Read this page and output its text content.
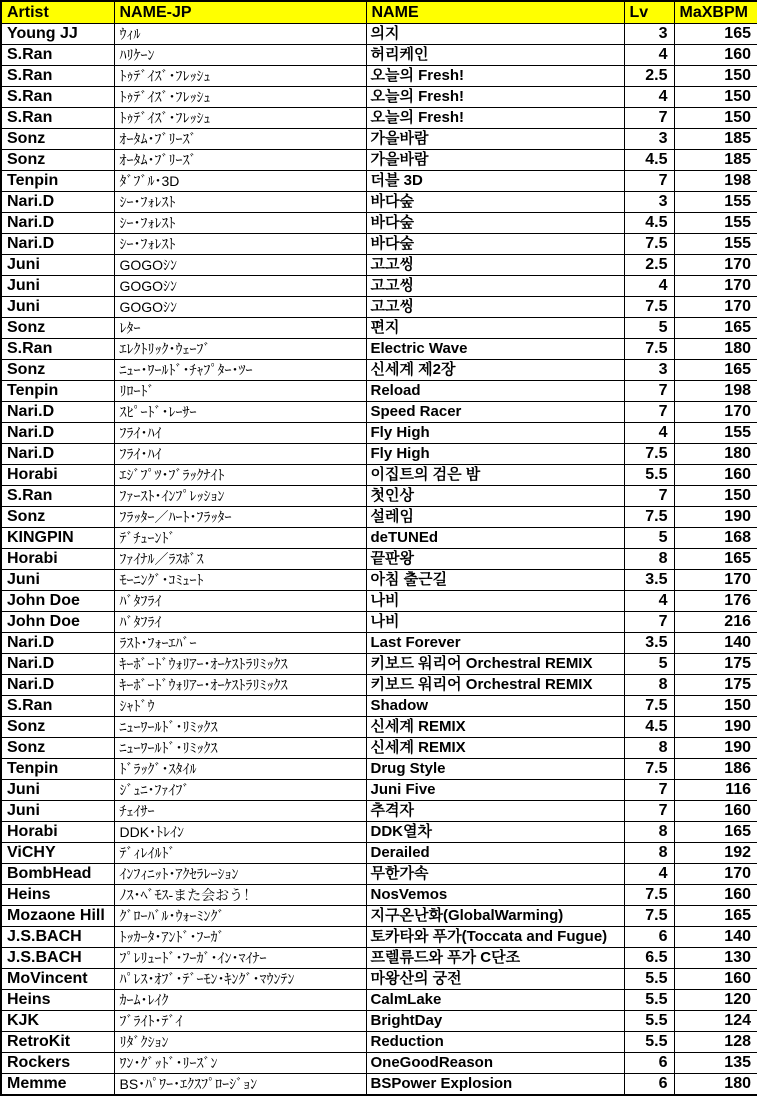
Artist	NAME-JP	NAME	Lv	MaXBPM
Young JJ	ｳｨﾙ	의지	3	165
S.Ran	ﾊﾘｹｰﾝ	허리케인	4	160
S.Ran	ﾄｩﾃﾞｲｽﾞ･ﾌﾚｯｼｭ	오늘의 Fresh!	2.5	150
S.Ran	ﾄｩﾃﾞｲｽﾞ･ﾌﾚｯｼｭ	오늘의 Fresh!	4	150
S.Ran	ﾄｩﾃﾞｲｽﾞ･ﾌﾚｯｼｭ	오늘의 Fresh!	7	150
Sonz	ｵｰﾀﾑ･ﾌﾞﾘｰｽﾞ	가을바람	3	185
Sonz	ｵｰﾀﾑ･ﾌﾞﾘｰｽﾞ	가을바람	4.5	185
Tenpin	ﾀﾞﾌﾞﾙ･3D	더블 3D	7	198
Nari.D	ｼｰ･ﾌｫﾚｽﾄ	바다숲	3	155
Nari.D	ｼｰ･ﾌｫﾚｽﾄ	바다숲	4.5	155
Nari.D	ｼｰ･ﾌｫﾚｽﾄ	바다숲	7.5	155
Juni	GOGOｼﾝ	고고씽	2.5	170
Juni	GOGOｼﾝ	고고씽	4	170
Juni	GOGOｼﾝ	고고씽	7.5	170
Sonz	ﾚﾀｰ	편지	5	165
S.Ran	ｴﾚｸﾄﾘｯｸ･ｳｪｰﾌﾞ	Electric Wave	7.5	180
Sonz	ﾆｭｰ･ﾜｰﾙﾄﾞ･ﾁｬﾌﾟﾀｰ･ﾂｰ	신세계 제2장	3	165
Tenpin	ﾘﾛｰﾄﾞ	Reload	7	198
Nari.D	ｽﾋﾟｰﾄﾞ･ﾚｰｻｰ	Speed Racer	7	170
Nari.D	ﾌﾗｲ･ﾊｲ	Fly High	4	155
Nari.D	ﾌﾗｲ･ﾊｲ	Fly High	7.5	180
Horabi	ｴｼﾞﾌﾟﾂ･ﾌﾞﾗｯｸﾅｲﾄ	이집트의 검은 밤	5.5	160
S.Ran	ﾌｧｰｽﾄ･ｲﾝﾌﾟﾚｯｼｮﾝ	첫인상	7	150
Sonz	ﾌﾗｯﾀｰ／ﾊｰﾄ･ﾌﾗｯﾀｰ	설레임	7.5	190
KINGPIN	ﾃﾞﾁｭｰﾝﾄﾞ	deTUNEd	5	168
Horabi	ﾌｧｲﾅﾙ／ﾗｽﾎﾞｽ	끝판왕	8	165
Juni	ﾓｰﾆﾝｸﾞ･ｺﾐｭｰﾄ	아침 출근길	3.5	170
John Doe	ﾊﾞﾀﾌﾗｲ	나비	4	176
John Doe	ﾊﾞﾀﾌﾗｲ	나비	7	216
Nari.D	ﾗｽﾄ･ﾌｫｰｴﾊﾞｰ	Last Forever	3.5	140
Nari.D	ｷｰﾎﾞｰﾄﾞｳｫﾘｱｰ･ｵｰｹｽﾄﾗﾘﾐｯｸｽ	키보드 워리어 Orchestral REMIX	5	175
Nari.D	ｷｰﾎﾞｰﾄﾞｳｫﾘｱｰ･ｵｰｹｽﾄﾗﾘﾐｯｸｽ	키보드 워리어 Orchestral REMIX	8	175
S.Ran	ｼｬﾄﾞｳ	Shadow	7.5	150
Sonz	ﾆｭｰﾜｰﾙﾄﾞ･ﾘﾐｯｸｽ	신세계 REMIX	4.5	190
Sonz	ﾆｭｰﾜｰﾙﾄﾞ･ﾘﾐｯｸｽ	신세계 REMIX	8	190
Tenpin	ﾄﾞﾗｯｸﾞ･ｽﾀｲﾙ	Drug Style	7.5	186
Juni	ｼﾞｭﾆ･ﾌｧｲﾌﾞ	Juni Five	7	116
Juni	ﾁｪｲｻｰ	추격자	7	160
Horabi	DDK･ﾄﾚｲﾝ	DDK열차	8	165
ViCHY	ﾃﾞｨﾚｲﾙﾄﾞ	Derailed	8	192
BombHead	ｲﾝﾌｨﾆｯﾄ･ｱｸｾﾗﾚｰｼｮﾝ	무한가속	4	170
Heins	ﾉｽ･ﾍﾞﾓｽ-また会おう！	NosVemos	7.5	160
Mozaone Hill	ｸﾞﾛｰﾊﾞﾙ･ｳｫｰﾐﾝｸﾞ	지구온난화(GlobalWarming)	7.5	165
J.S.BACH	ﾄｯｶｰﾀ･ｱﾝﾄﾞ･ﾌｰｶﾞ	토카타와 푸가(Toccata and Fugue)	6	140
J.S.BACH	ﾌﾟﾚﾘｭｰﾄﾞ･ﾌｰｶﾞ･ｲﾝ･ﾏｲﾅｰ	프렐류드와 푸가 C단조	6.5	130
MoVincent	ﾊﾟﾚｽ･ｵﾌﾞ･ﾃﾞｰﾓﾝ･ｷﾝｸﾞ･ﾏｳﾝﾃﾝ	마왕산의 궁전	5.5	160
Heins	ｶｰﾑ･ﾚｲｸ	CalmLake	5.5	120
KJK	ﾌﾞﾗｲﾄ･ﾃﾞｲ	BrightDay	5.5	124
RetroKit	ﾘﾀﾞｸｼｮﾝ	Reduction	5.5	128
Rockers	ﾜﾝ･ｸﾞｯﾄﾞ･ﾘｰｽﾞﾝ	OneGoodReason	6	135
Memme	BS･ﾊﾟﾜｰ･ｴｸｽﾌﾟﾛｰｼﾞｮﾝ	BSPower Explosion	6	180
